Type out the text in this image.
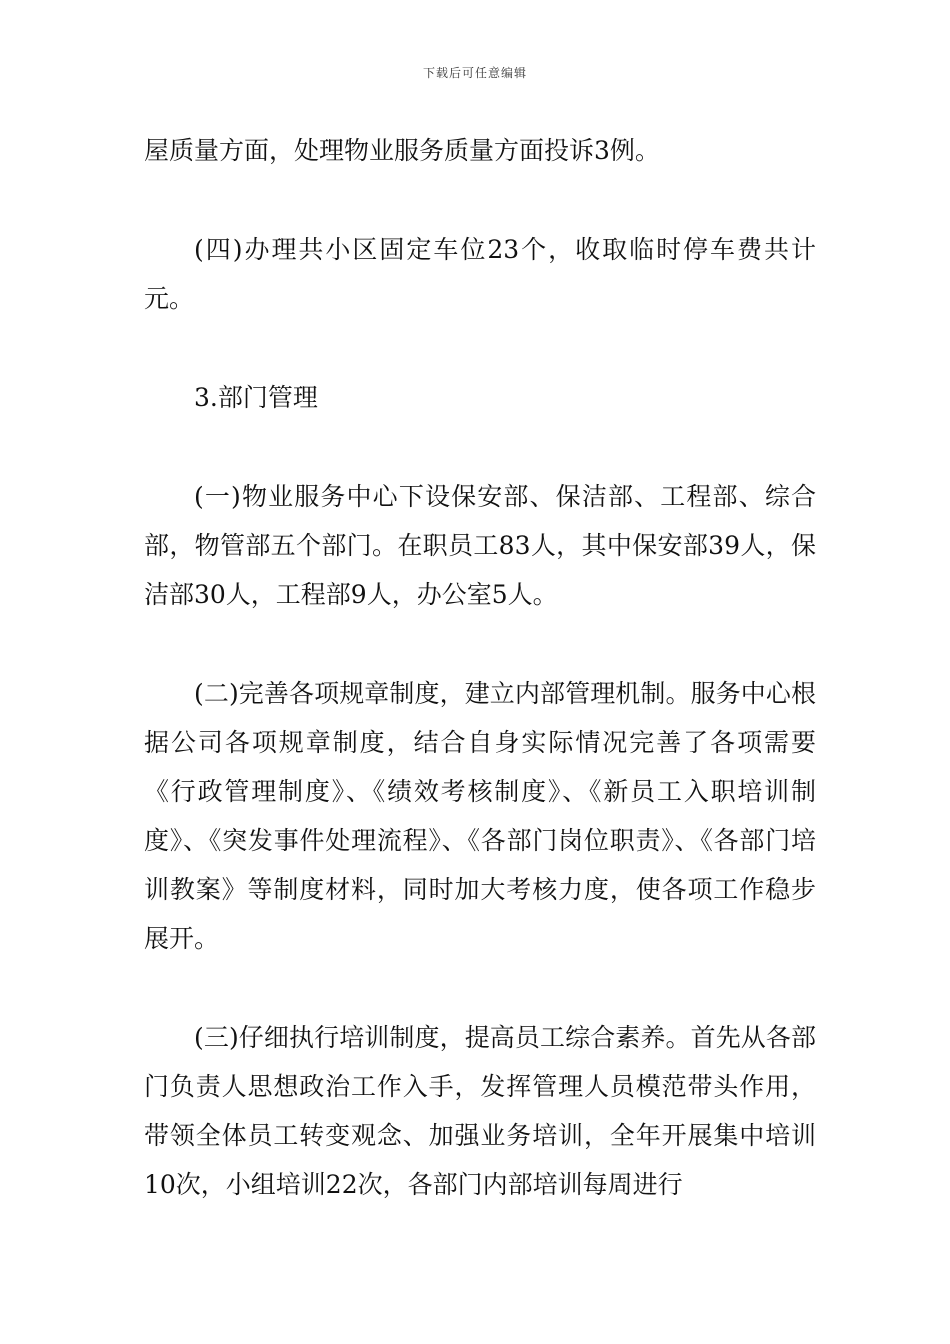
下载后可任意编辑

屋质量方面，处理物业服务质量方面投诉3例。

(四)办理共小区固定车位23个，收取临时停车费共计元。

3.部门管理

(一)物业服务中心下设保安部、保洁部、工程部、综合部，物管部五个部门。在职员工83人，其中保安部39人，保洁部30人，工程部9人，办公室5人。

(二)完善各项规章制度，建立内部管理机制。服务中心根据公司各项规章制度，结合自身实际情况完善了各项需要《行政管理制度》、《绩效考核制度》、《新员工入职培训制度》、《突发事件处理流程》、《各部门岗位职责》、《各部门培训教案》等制度材料，同时加大考核力度，使各项工作稳步展开。

(三)仔细执行培训制度，提高员工综合素养。首先从各部门负责人思想政治工作入手，发挥管理人员模范带头作用，带领全体员工转变观念、加强业务培训，全年开展集中培训10次，小组培训22次，各部门内部培训每周进行
